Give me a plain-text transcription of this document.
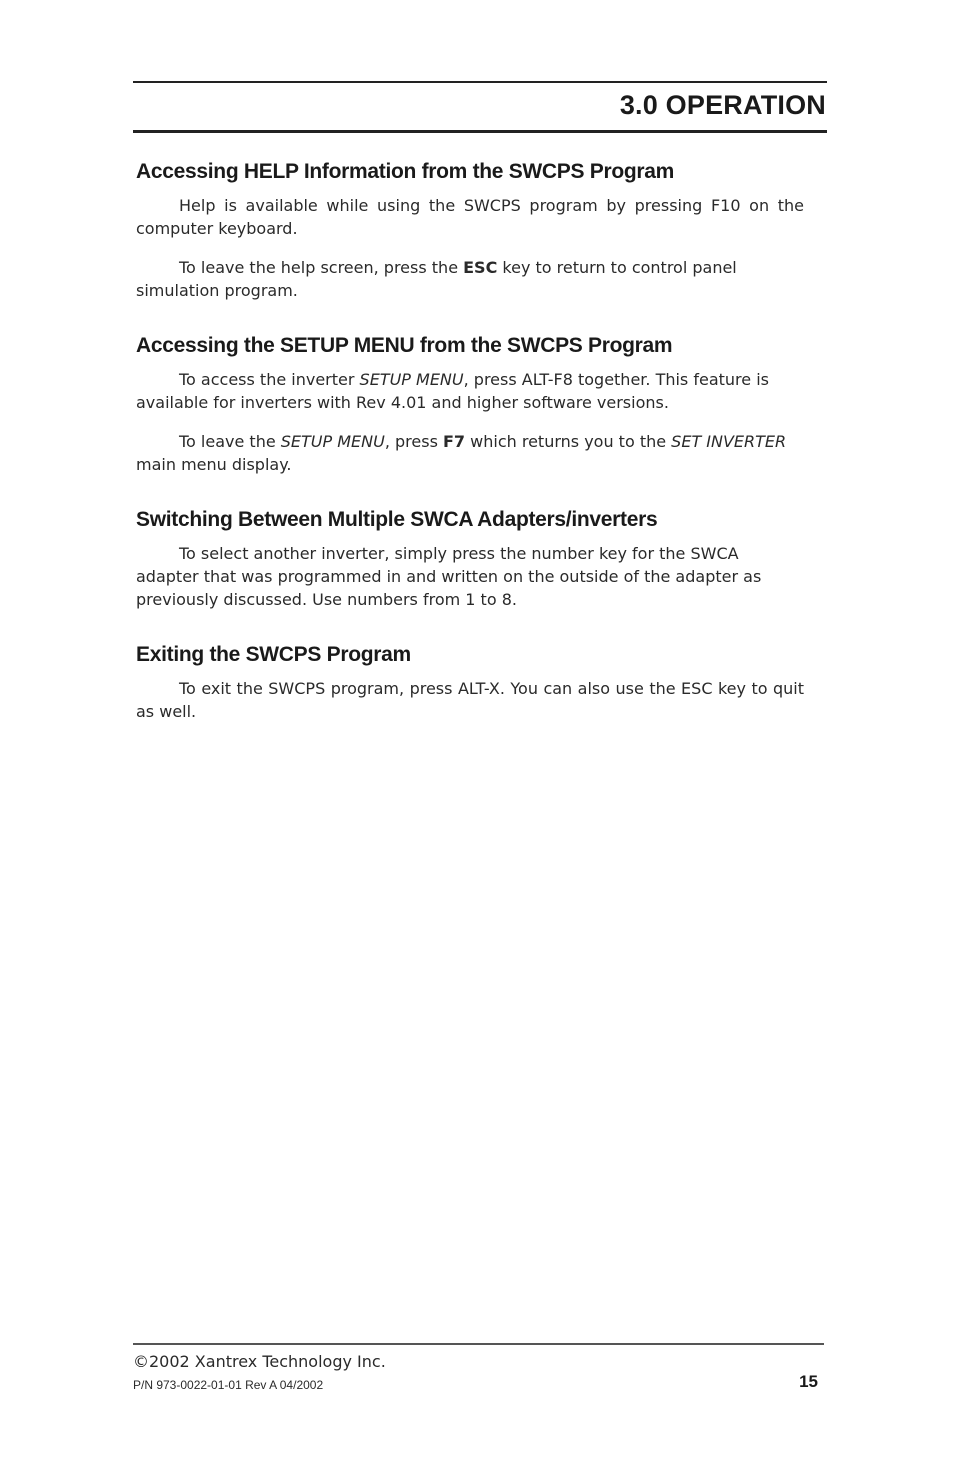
3.0 OPERATION
Accessing HELP Information from the SWCPS Program

Help is available while using the SWCPS program by pressing F10 on the computer keyboard.

To leave the help screen, press the ESC key to return to control panel simulation program.

Accessing the SETUP MENU from the SWCPS Program

To access the inverter SETUP MENU, press ALT-F8 together. This feature is available for inverters with Rev 4.01 and higher software versions.

To leave the SETUP MENU, press F7 which returns you to the SET INVERTER main menu display.

Switching Between Multiple SWCA Adapters/inverters

To select another inverter, simply press the number key for the SWCA adapter that was programmed in and written on the outside of the adapter as previously discussed. Use numbers from 1 to 8.

Exiting the SWCPS Program

To exit the SWCPS program, press ALT-X. You can also use the ESC key to quit as well.

©2002 Xantrex Technology Inc.
P/N 973-0022-01-01 Rev A 04/2002	15
